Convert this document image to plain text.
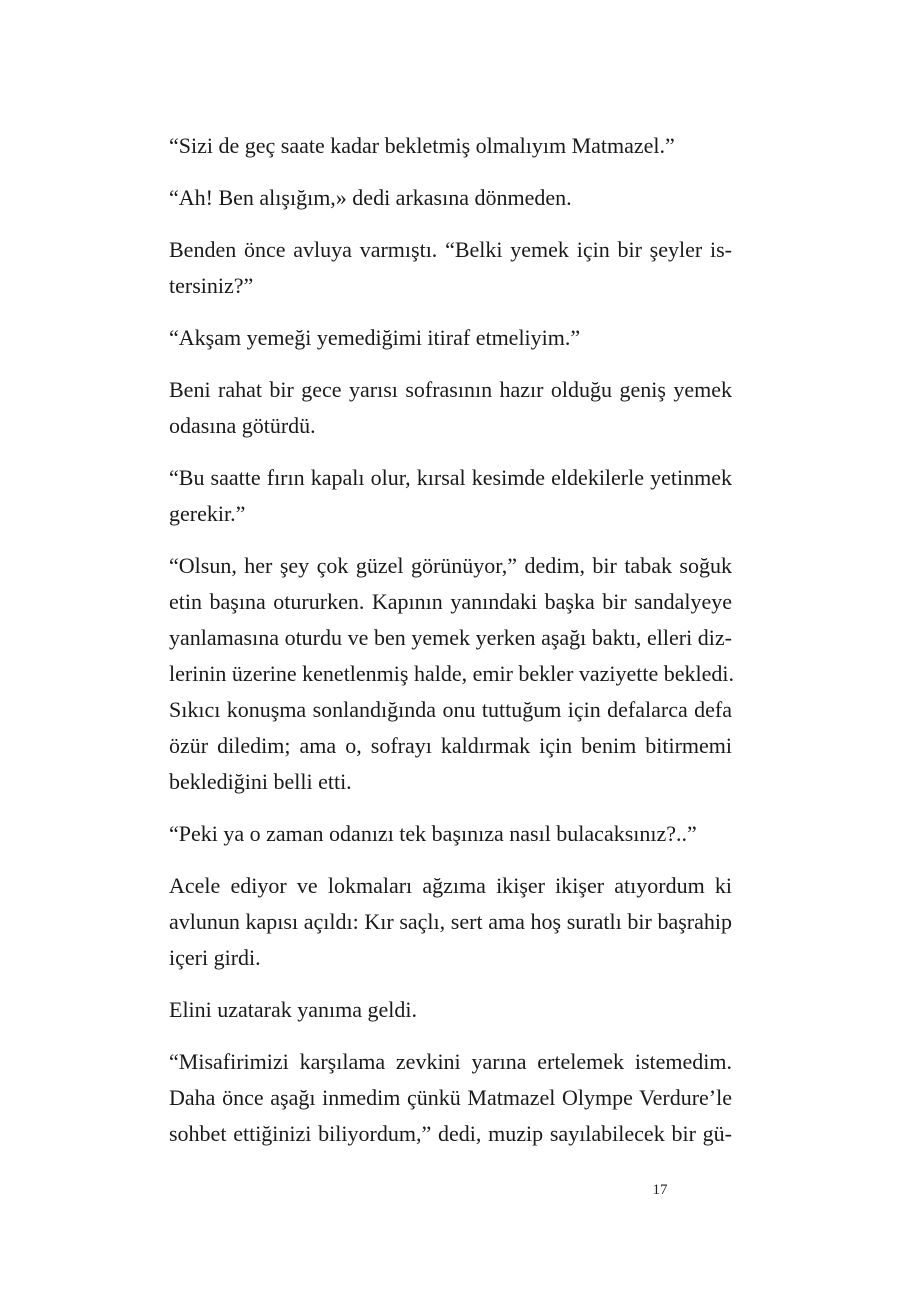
“Sizi de geç saate kadar bekletmiş olmalıyım Matmazel.”

“Ah! Ben alışığım,» dedi arkasına dönmeden.

Benden önce avluya varmıştı. “Belki yemek için bir şeyler is-
tersiniz?”

“Akşam yemeği yemediğimi itiraf etmeliyim.”

Beni rahat bir gece yarısı sofrasının hazır olduğu geniş yemek
odasına götürdü.

“Bu saatte fırın kapalı olur, kırsal kesimde eldekilerle yetinmek
gerekir.”

“Olsun, her şey çok güzel görünüyor,” dedim, bir tabak soğuk
etin başına otururken. Kapının yanındaki başka bir sandalyeye
yanlamasına oturdu ve ben yemek yerken aşağı baktı, elleri diz-
lerinin üzerine kenetlenmiş halde, emir bekler vaziyette bekledi.
Sıkıcı konuşma sonlandığında onu tuttuğum için defalarca defa
özür diledim; ama o, sofrayı kaldırmak için benim bitirmemi
beklediğini belli etti.

“Peki ya o zaman odanızı tek başınıza nasıl bulacaksınız?..”

Acele ediyor ve lokmaları ağzıma ikişer ikişer atıyordum ki
avlunun kapısı açıldı: Kır saçlı, sert ama hoş suratlı bir başrahip
içeri girdi.

Elini uzatarak yanıma geldi.

“Misafirimizi karşılama zevkini yarına ertelemek istemedim.
Daha önce aşağı inmedim çünkü Matmazel Olympe Verdure’le
sohbet ettiğinizi biliyordum,” dedi, muzip sayılabilecek bir gü-

17
